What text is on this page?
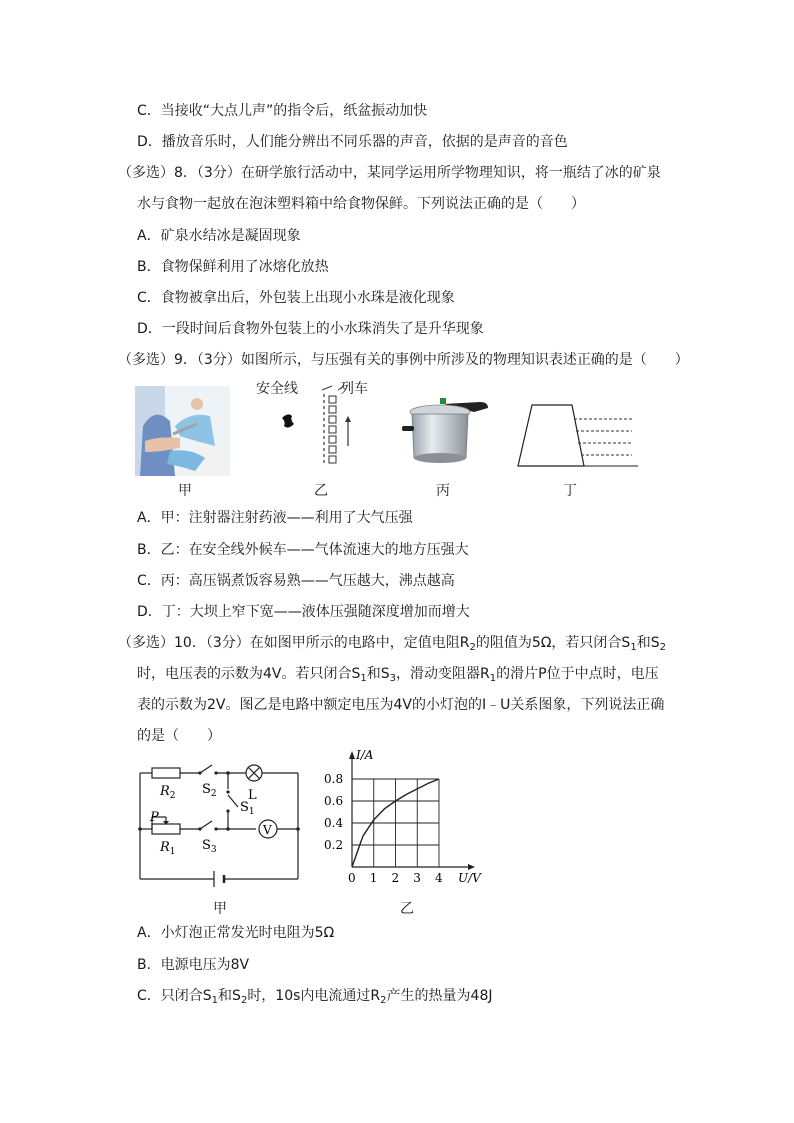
C．当接收“大点儿声”的指令后，纸盆振动加快
D．播放音乐时，人们能分辨出不同乐器的声音，依据的是声音的音色
（多选）8．（3分）在研学旅行活动中，某同学运用所学物理知识，将一瓶结了冰的矿泉
水与食物一起放在泡沫塑料箱中给食物保鲜。下列说法正确的是（　　）
A．矿泉水结冰是凝固现象
B．食物保鲜利用了冰熔化放热
C．食物被拿出后，外包装上出现小水珠是液化现象
D．一段时间后食物外包装上的小水珠消失了是升华现象
（多选）9．（3分）如图所示，与压强有关的事例中所涉及的物理知识表述正确的是（　　）
甲
安全线	列车
乙	丙	丁
A．甲：注射器注射药液——利用了大气压强
B．乙：在安全线外候车——气体流速大的地方压强大
C．丙：高压锅煮饭容易熟——气压越大，沸点越高
D．丁：大坝上窄下宽——液体压强随深度增加而增大
（多选）10．（3分）在如图甲所示的电路中，定值电阻$R_2$的阻值为5Ω，若只闭合$S_1$和$S_2$
时，电压表的示数为4V。若只闭合$S_1$和$S_3$，滑动变阻器$R_1$的滑片P位于中点时，电压
表的示数为2V。图乙是电路中额定电压为4V的小灯泡的I﹣U关系图象，下列说法正确
的是（　　）
$R_2$ $S_2$ L
$S_1$
P
$R_1$ $S_3$
V
甲
0 1 2 3 4
0.2
0.4
0.6
0.8
I/A
U/V
乙
A．小灯泡正常发光时电阻为5Ω
B．电源电压为8V
C．只闭合$S_1$和$S_2$时，10s内电流通过$R_2$产生的热量为48J
